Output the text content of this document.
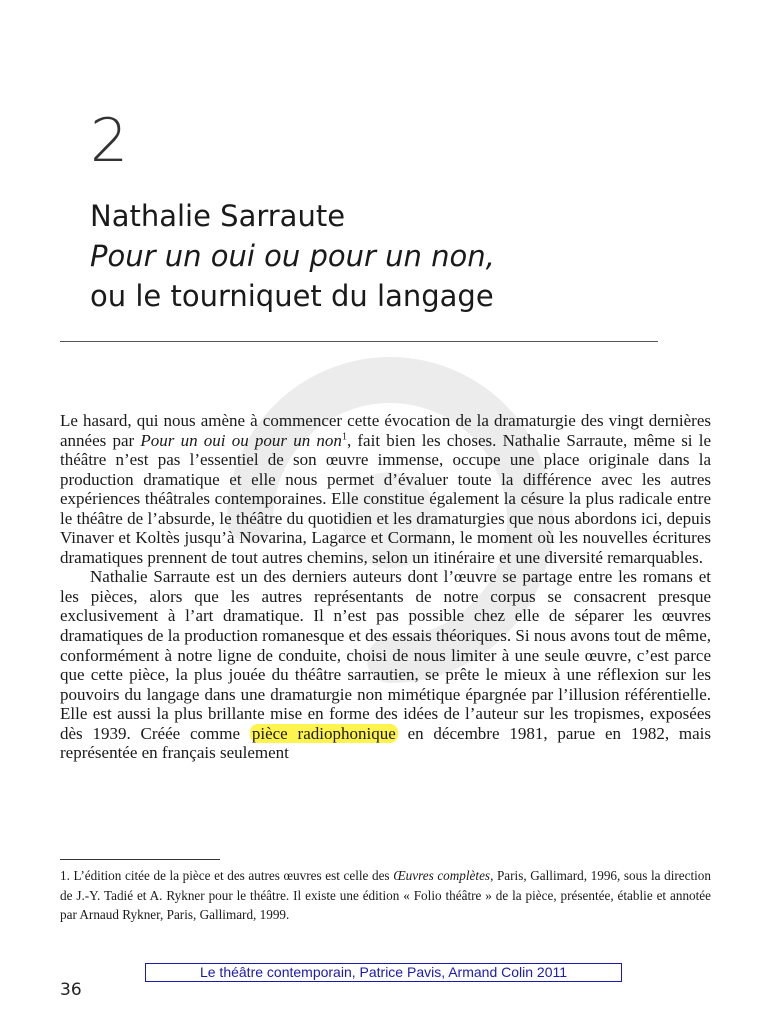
2
Nathalie Sarraute
Pour un oui ou pour un non,
ou le tourniquet du langage

Le hasard, qui nous amène à commencer cette évocation de la dramaturgie des vingt dernières années par Pour un oui ou pour un non$^1$, fait bien les choses. Nathalie Sarraute, même si le théâtre n’est pas l’essentiel de son œuvre immense, occupe une place originale dans la production dramatique et elle nous permet d’évaluer toute la différence avec les autres expériences théâtrales contemporaines. Elle constitue également la césure la plus radicale entre le théâtre de l’absurde, le théâtre du quotidien et les dramaturgies que nous abordons ici, depuis Vinaver et Koltès jusqu’à Novarina, Lagarce et Cormann, le moment où les nouvelles écritures dramatiques prennent de tout autres chemins, selon un itinéraire et une diversité remarquables.

Nathalie Sarraute est un des derniers auteurs dont l’œuvre se partage entre les romans et les pièces, alors que les autres représentants de notre corpus se consacrent presque exclusivement à l’art dramatique. Il n’est pas possible chez elle de séparer les œuvres dramatiques de la production romanesque et des essais théoriques. Si nous avons tout de même, conformément à notre ligne de conduite, choisi de nous limiter à une seule œuvre, c’est parce que cette pièce, la plus jouée du théâtre sarrautien, se prête le mieux à une réflexion sur les pouvoirs du langage dans une dramaturgie non mimétique épargnée par l’illusion référentielle. Elle est aussi la plus brillante mise en forme des idées de l’auteur sur les tropismes, exposées dès 1939. Créée comme pièce radiophonique en décembre 1981, parue en 1982, mais représentée en français seulement

1. L’édition citée de la pièce et des autres œuvres est celle des Œuvres complètes, Paris, Gallimard, 1996, sous la direction de J.-Y. Tadié et A. Rykner pour le théâtre. Il existe une édition « Folio théâtre » de la pièce, présentée, établie et annotée par Arnaud Rykner, Paris, Gallimard, 1999.
Le théâtre contemporain, Patrice Pavis, Armand Colin 2011
36
